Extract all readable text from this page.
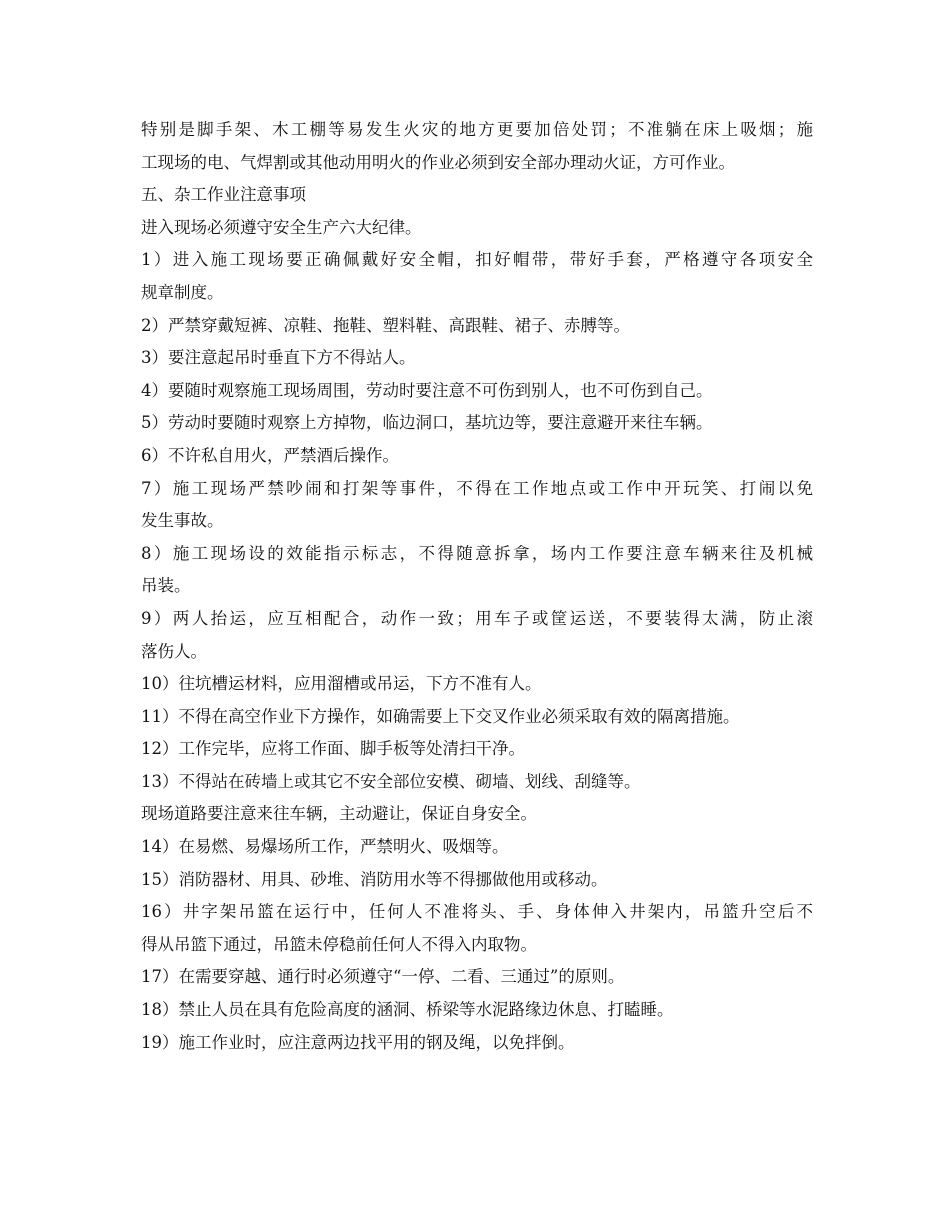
特别是脚手架、木工棚等易发生火灾的地方更要加倍处罚；不准躺在床上吸烟；施
工现场的电、气焊割或其他动用明火的作业必须到安全部办理动火证，方可作业。
五、杂工作业注意事项
进入现场必须遵守安全生产六大纪律。
1）进入施工现场要正确佩戴好安全帽，扣好帽带，带好手套，严格遵守各项安全
规章制度。
2）严禁穿戴短裤、凉鞋、拖鞋、塑料鞋、高跟鞋、裙子、赤膊等。
3）要注意起吊时垂直下方不得站人。
4）要随时观察施工现场周围，劳动时要注意不可伤到别人，也不可伤到自己。
5）劳动时要随时观察上方掉物，临边洞口，基坑边等，要注意避开来往车辆。
6）不许私自用火，严禁酒后操作。
7）施工现场严禁吵闹和打架等事件，不得在工作地点或工作中开玩笑、打闹以免
发生事故。
8）施工现场设的效能指示标志，不得随意拆拿，场内工作要注意车辆来往及机械
吊装。
9）两人抬运，应互相配合，动作一致；用车子或筐运送，不要装得太满，防止滚
落伤人。
10）往坑槽运材料，应用溜槽或吊运，下方不准有人。
11）不得在高空作业下方操作，如确需要上下交叉作业必须采取有效的隔离措施。
12）工作完毕，应将工作面、脚手板等处清扫干净。
13）不得站在砖墙上或其它不安全部位安模、砌墙、划线、刮缝等。
现场道路要注意来往车辆，主动避让，保证自身安全。
14）在易燃、易爆场所工作，严禁明火、吸烟等。
15）消防器材、用具、砂堆、消防用水等不得挪做他用或移动。
16）井字架吊篮在运行中，任何人不准将头、手、身体伸入井架内，吊篮升空后不
得从吊篮下通过，吊篮未停稳前任何人不得入内取物。
17）在需要穿越、通行时必须遵守“一停、二看、三通过”的原则。
18）禁止人员在具有危险高度的涵洞、桥梁等水泥路缘边休息、打瞌睡。
19）施工作业时，应注意两边找平用的钢及绳，以免拌倒。
